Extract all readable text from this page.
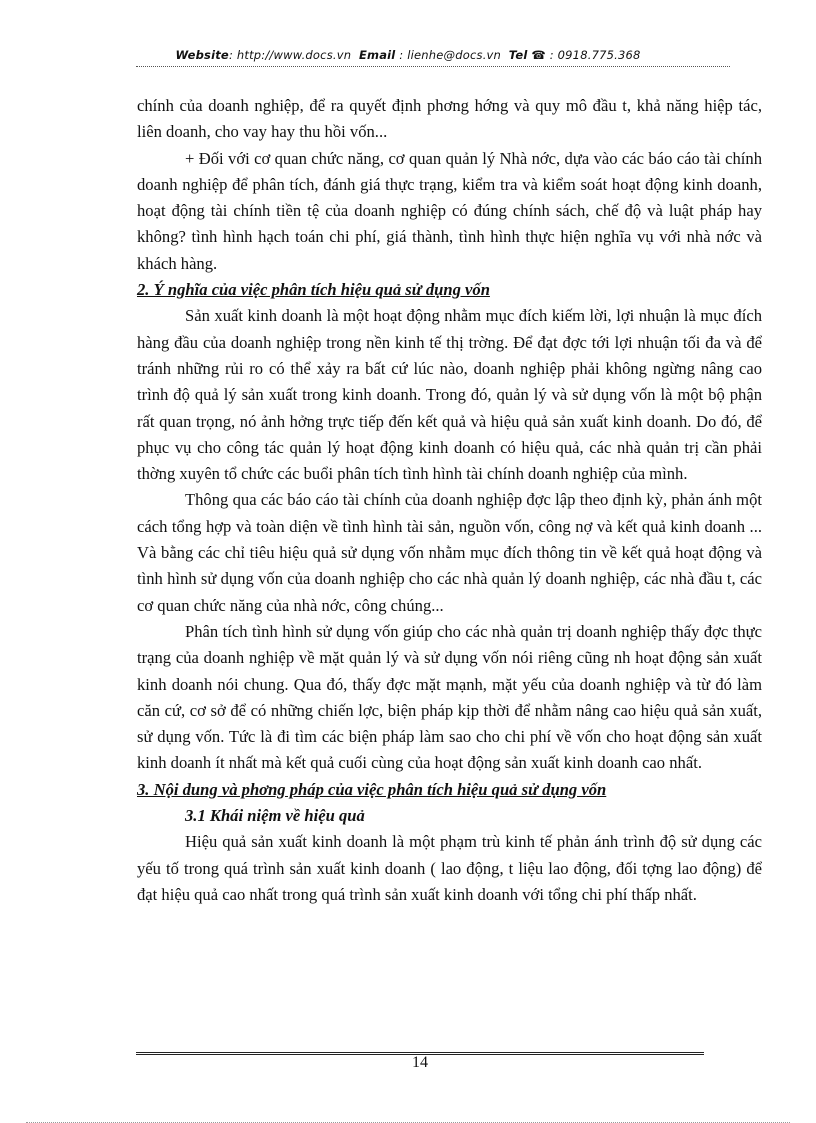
Website: http://www.docs.vn Email : lienhe@docs.vn Tel ☎ : 0918.775.368

chính của doanh nghiệp, để ra quyết định phơng hớng và quy mô đầu t, khả năng hiệp tác, liên doanh, cho vay hay thu hồi vốn...

+ Đối với cơ quan chức năng, cơ quan quản lý Nhà nớc, dựa vào các báo cáo tài chính doanh nghiệp để phân tích, đánh giá thực trạng, kiểm tra và kiểm soát hoạt động kinh doanh, hoạt động tài chính tiền tệ của doanh nghiệp có đúng chính sách, chế độ và luật pháp hay không? tình hình hạch toán chi phí, giá thành, tình hình thực hiện nghĩa vụ với nhà nớc và khách hàng.

2. Ý nghĩa của việc phân tích hiệu quả sử dụng vốn

Sản xuất kinh doanh là một hoạt động nhằm mục đích kiếm lời, lợi nhuận là mục đích hàng đầu của doanh nghiệp trong nền kinh tế thị trờng. Để đạt đợc tới lợi nhuận tối đa và để tránh những rủi ro có thể xảy ra bất cứ lúc nào, doanh nghiệp phải không ngừng nâng cao trình độ quả lý sản xuất trong kinh doanh. Trong đó, quản lý và sử dụng vốn là một bộ phận rất quan trọng, nó ảnh hởng trực tiếp đến kết quả và hiệu quả sản xuất kinh doanh. Do đó, để phục vụ cho công tác quản lý hoạt động kinh doanh có hiệu quả, các nhà quản trị cần phải thờng xuyên tổ chức các buổi phân tích tình hình tài chính doanh nghiệp của mình.

Thông qua các báo cáo tài chính của doanh nghiệp đợc lập theo định kỳ, phản ánh một cách tổng hợp và toàn diện về tình hình tài sản, nguồn vốn, công nợ và kết quả kinh doanh ... Và bằng các chỉ tiêu hiệu quả sử dụng vốn nhằm mục đích thông tin về kết quả hoạt động và tình hình sử dụng vốn của doanh nghiệp cho các nhà quản lý doanh nghiệp, các nhà đầu t, các cơ quan chức năng của nhà nớc, công chúng...

Phân tích tình hình sử dụng vốn giúp cho các nhà quản trị doanh nghiệp thấy đợc thực trạng của doanh nghiệp về mặt quản lý và sử dụng vốn nói riêng cũng nh hoạt động sản xuất kinh doanh nói chung. Qua đó, thấy đợc mặt mạnh, mặt yếu của doanh nghiệp và từ đó làm căn cứ, cơ sở để có những chiến lợc, biện pháp kịp thời để nhằm nâng cao hiệu quả sản xuất, sử dụng vốn. Tức là đi tìm các biện pháp làm sao cho chi phí về vốn cho hoạt động sản xuất kinh doanh ít nhất mà kết quả cuối cùng của hoạt động sản xuất kinh doanh cao nhất.

3. Nội dung và phơng pháp của việc phân tích hiệu quả sử dụng vốn

3.1 Khái niệm về hiệu quả

Hiệu quả sản xuất kinh doanh là một phạm trù kinh tế phản ánh trình độ sử dụng các yếu tố trong quá trình sản xuất kinh doanh ( lao động, t liệu lao động, đối tợng lao động) để đạt hiệu quả cao nhất trong quá trình sản xuất kinh doanh với tổng chi phí thấp nhất.

14
